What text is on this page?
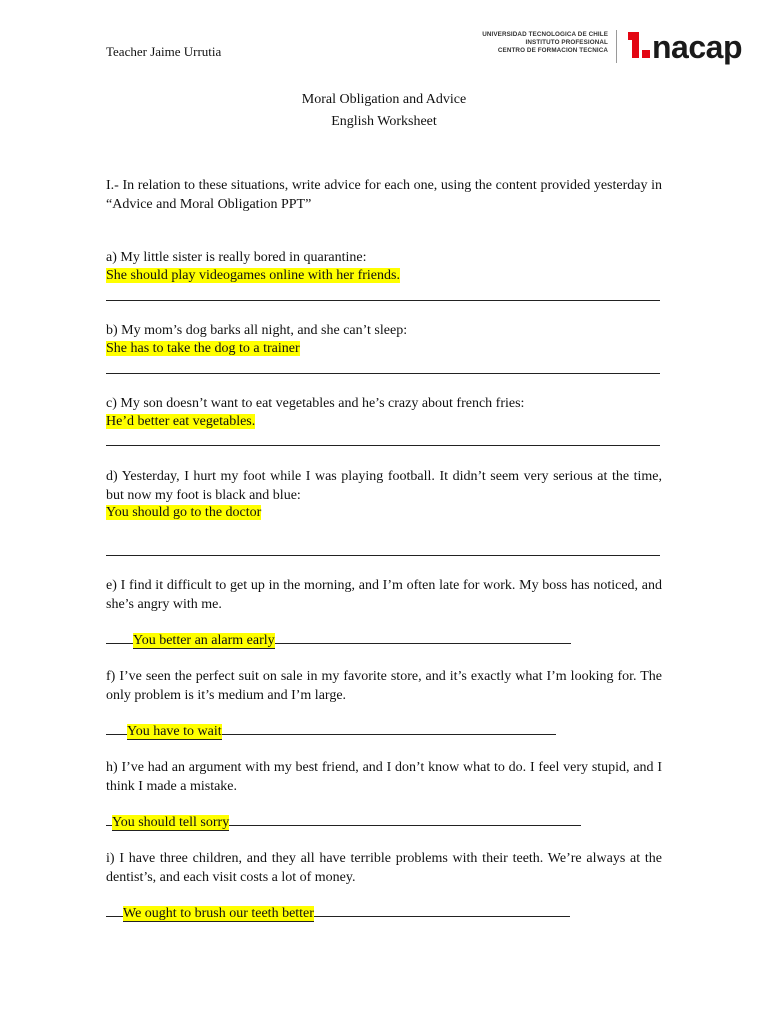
Teacher Jaime Urrutia
UNIVERSIDAD TECNOLOGICA DE CHILE
INSTITUTO PROFESIONAL
CENTRO DE FORMACION TECNICA nacap
Moral Obligation and Advice
English Worksheet
I.- In relation to these situations, write advice for each one, using the content provided yesterday in “Advice and Moral Obligation PPT”
a) My little sister is really bored in quarantine:
She should play videogames online with her friends.
b) My mom’s dog barks all night, and she can’t sleep:
She has to take the dog to a trainer
c) My son doesn’t want to eat vegetables and he’s crazy about french fries:
He’d better eat vegetables.
d) Yesterday, I hurt my foot while I was playing football. It didn’t seem very serious at the time, but now my foot is black and blue:
You should go to the doctor
e) I find it difficult to get up in the morning, and I’m often late for work. My boss has noticed, and she’s angry with me.
You better an alarm early
f) I’ve seen the perfect suit on sale in my favorite store, and it’s exactly what I’m looking for. The only problem is it’s medium and I’m large.
You have to wait
h) I’ve had an argument with my best friend, and I don’t know what to do. I feel very stupid, and I think I made a mistake.
You should tell sorry
i) I have three children, and they all have terrible problems with their teeth. We’re always at the dentist’s, and each visit costs a lot of money.
We ought to brush our teeth better
